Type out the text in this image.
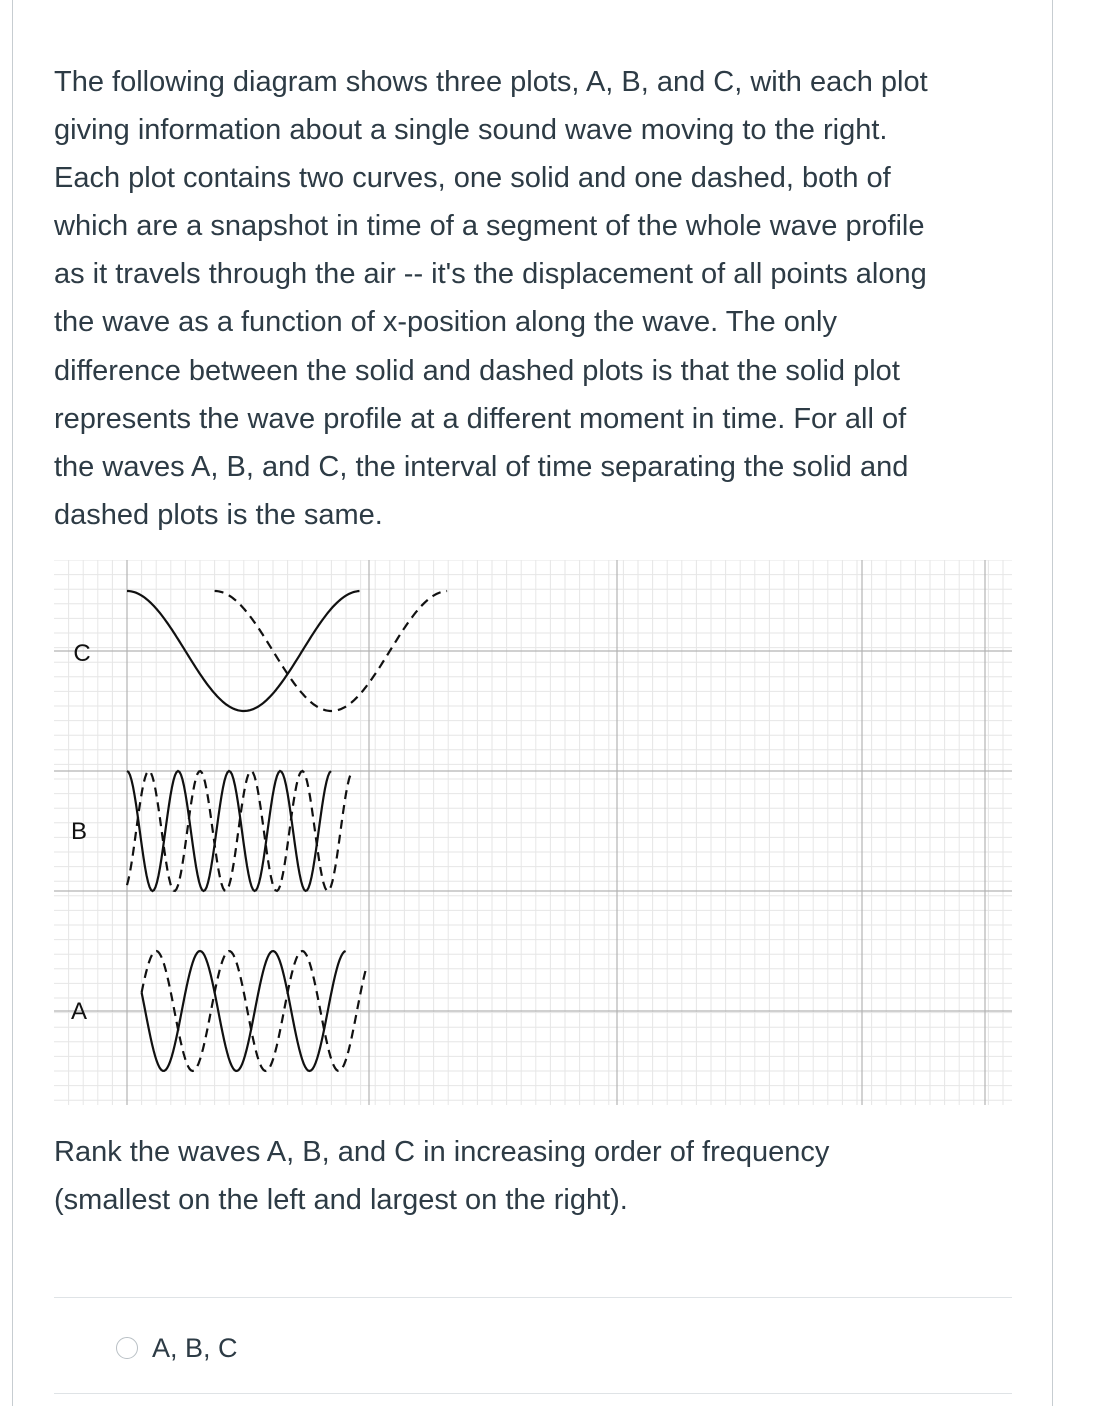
The following diagram shows three plots, A, B, and C, with each plot
giving information about a single sound wave moving to the right.
Each plot contains two curves, one solid and one dashed, both of
which are a snapshot in time of a segment of the whole wave profile
as it travels through the air -- it's the displacement of all points along
the wave as a function of x-position along the wave. The only
difference between the solid and dashed plots is that the solid plot
represents the wave profile at a different moment in time. For all of
the waves A, B, and C, the interval of time separating the solid and
dashed plots is the same.
C
B
A
Rank the waves A, B, and C in increasing order of frequency
(smallest on the left and largest on the right).
A, B, C
